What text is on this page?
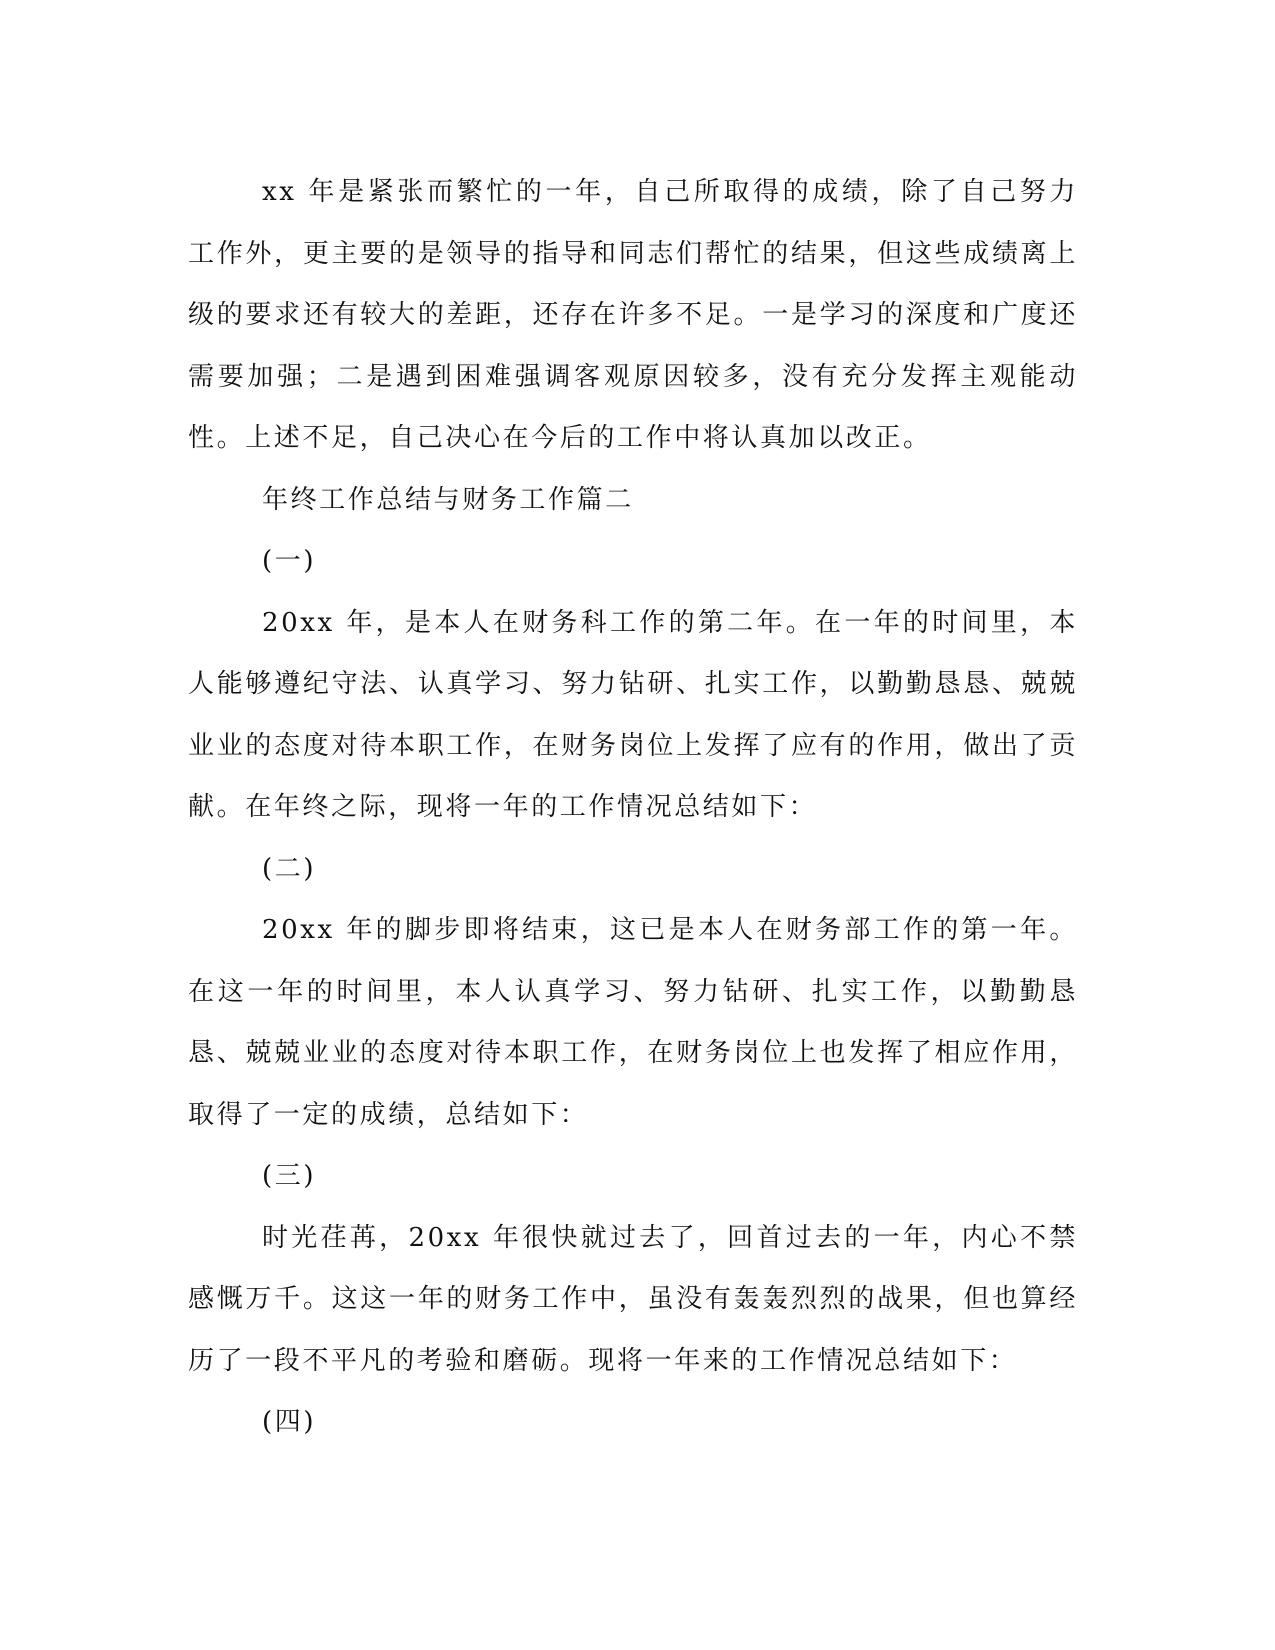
xx 年是紧张而繁忙的一年，自己所取得的成绩，除了自己努力工作外，更主要的是领导的指导和同志们帮忙的结果，但这些成绩离上级的要求还有较大的差距，还存在许多不足。一是学习的深度和广度还需要加强；二是遇到困难强调客观原因较多，没有充分发挥主观能动性。上述不足，自己决心在今后的工作中将认真加以改正。

年终工作总结与财务工作篇二

(一)

20xx 年，是本人在财务科工作的第二年。在一年的时间里，本人能够遵纪守法、认真学习、努力钻研、扎实工作，以勤勤恳恳、兢兢业业的态度对待本职工作，在财务岗位上发挥了应有的作用，做出了贡献。在年终之际，现将一年的工作情况总结如下：

(二)

20xx 年的脚步即将结束，这已是本人在财务部工作的第一年。在这一年的时间里，本人认真学习、努力钻研、扎实工作，以勤勤恳恳、兢兢业业的态度对待本职工作，在财务岗位上也发挥了相应作用，取得了一定的成绩，总结如下：

(三)

时光荏苒，20xx 年很快就过去了，回首过去的一年，内心不禁感慨万千。这这一年的财务工作中，虽没有轰轰烈烈的战果，但也算经历了一段不平凡的考验和磨砺。现将一年来的工作情况总结如下：

(四)
